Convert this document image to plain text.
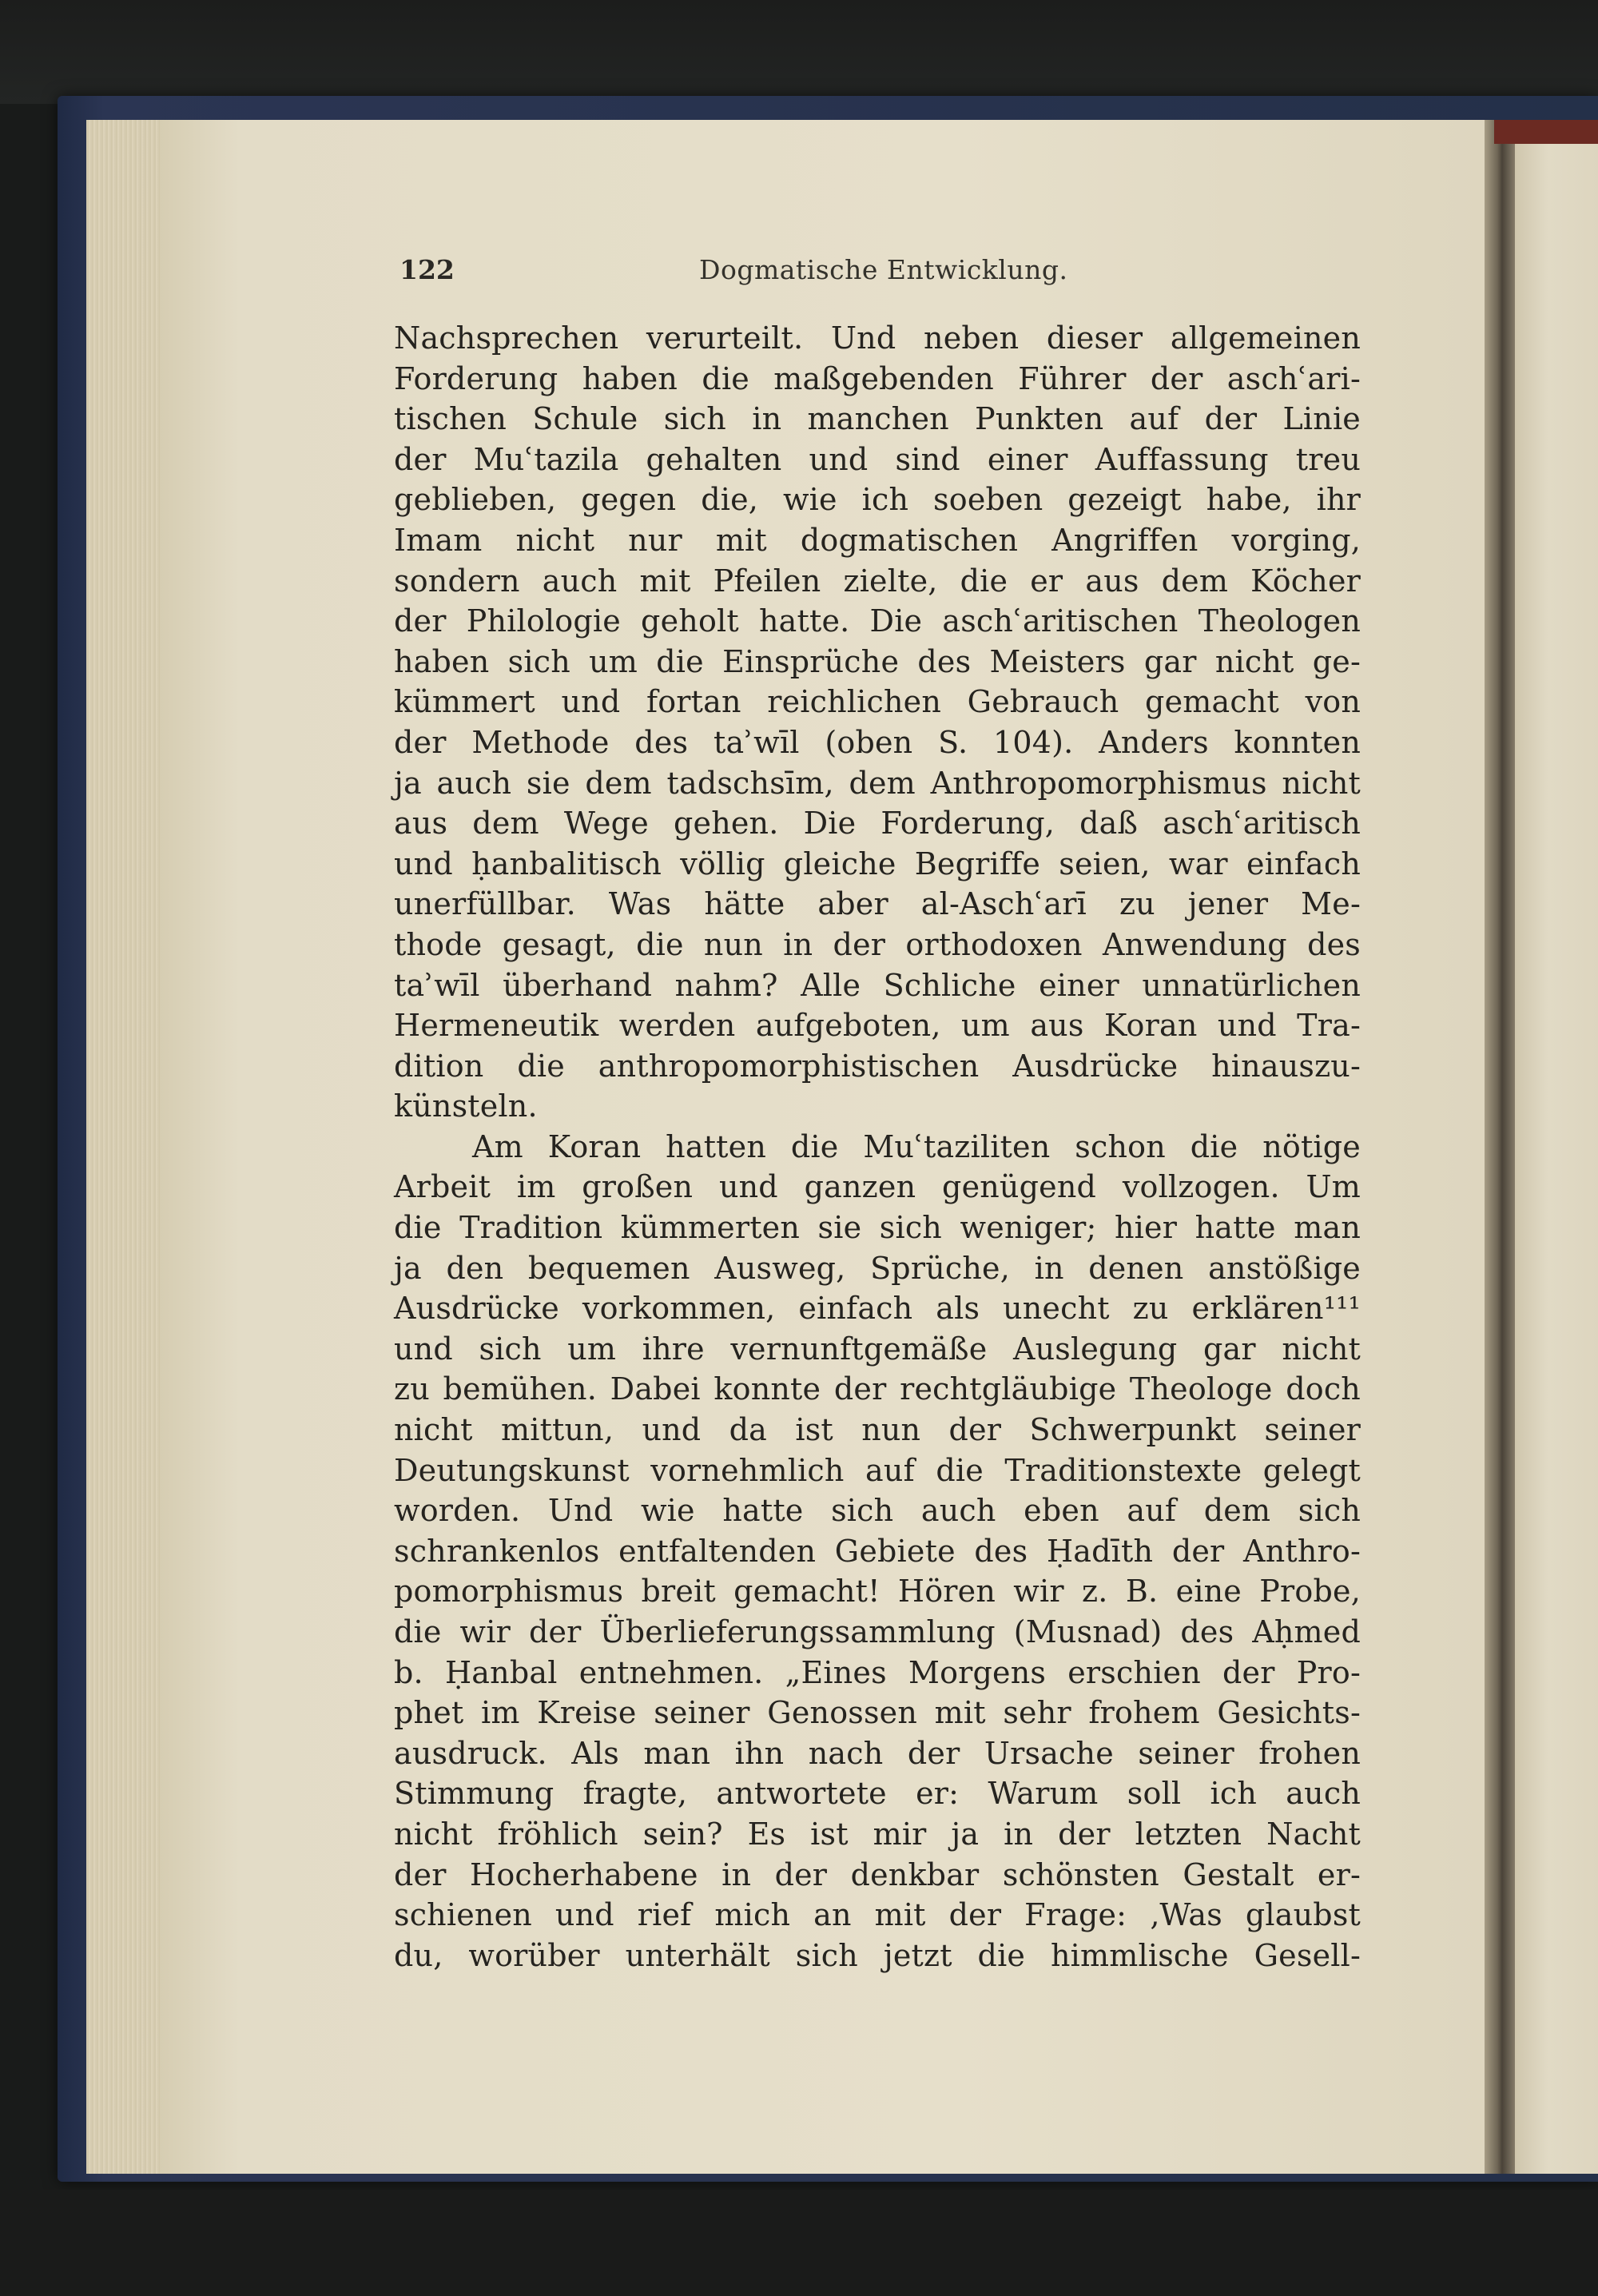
122	Dogmatische Entwicklung.
Nachsprechen verurteilt. Und neben dieser allgemeinen
Forderung haben die maßgebenden Führer der aschʿari-
tischen Schule sich in manchen Punkten auf der Linie
der Muʿtazila gehalten und sind einer Auffassung treu
geblieben, gegen die, wie ich soeben gezeigt habe, ihr
Imam nicht nur mit dogmatischen Angriffen vorging,
sondern auch mit Pfeilen zielte, die er aus dem Köcher
der Philologie geholt hatte. Die aschʿaritischen Theologen
haben sich um die Einsprüche des Meisters gar nicht ge-
kümmert und fortan reichlichen Gebrauch gemacht von
der Methode des taʾwīl (oben S. 104). Anders konnten
ja auch sie dem tadschsīm, dem Anthropomorphismus nicht
aus dem Wege gehen. Die Forderung, daß aschʿaritisch
und ḥanbalitisch völlig gleiche Begriffe seien, war einfach
unerfüllbar. Was hätte aber al-Aschʿarī zu jener Me-
thode gesagt, die nun in der orthodoxen Anwendung des
taʾwīl überhand nahm? Alle Schliche einer unnatürlichen
Hermeneutik werden aufgeboten, um aus Koran und Tra-
dition die anthropomorphistischen Ausdrücke hinauszu-
künsteln.
Am Koran hatten die Muʿtaziliten schon die nötige
Arbeit im großen und ganzen genügend vollzogen. Um
die Tradition kümmerten sie sich weniger; hier hatte man
ja den bequemen Ausweg, Sprüche, in denen anstößige
Ausdrücke vorkommen, einfach als unecht zu erklären¹¹¹
und sich um ihre vernunftgemäße Auslegung gar nicht
zu bemühen. Dabei konnte der rechtgläubige Theologe doch
nicht mittun, und da ist nun der Schwerpunkt seiner
Deutungskunst vornehmlich auf die Traditionstexte gelegt
worden. Und wie hatte sich auch eben auf dem sich
schrankenlos entfaltenden Gebiete des Ḥadīth der Anthro-
pomorphismus breit gemacht! Hören wir z. B. eine Probe,
die wir der Überlieferungssammlung (Musnad) des Aḥmed
b. Ḥanbal entnehmen. „Eines Morgens erschien der Pro-
phet im Kreise seiner Genossen mit sehr frohem Gesichts-
ausdruck. Als man ihn nach der Ursache seiner frohen
Stimmung fragte, antwortete er: Warum soll ich auch
nicht fröhlich sein? Es ist mir ja in der letzten Nacht
der Hocherhabene in der denkbar schönsten Gestalt er-
schienen und rief mich an mit der Frage: ‚Was glaubst
du, worüber unterhält sich jetzt die himmlische Gesell-
